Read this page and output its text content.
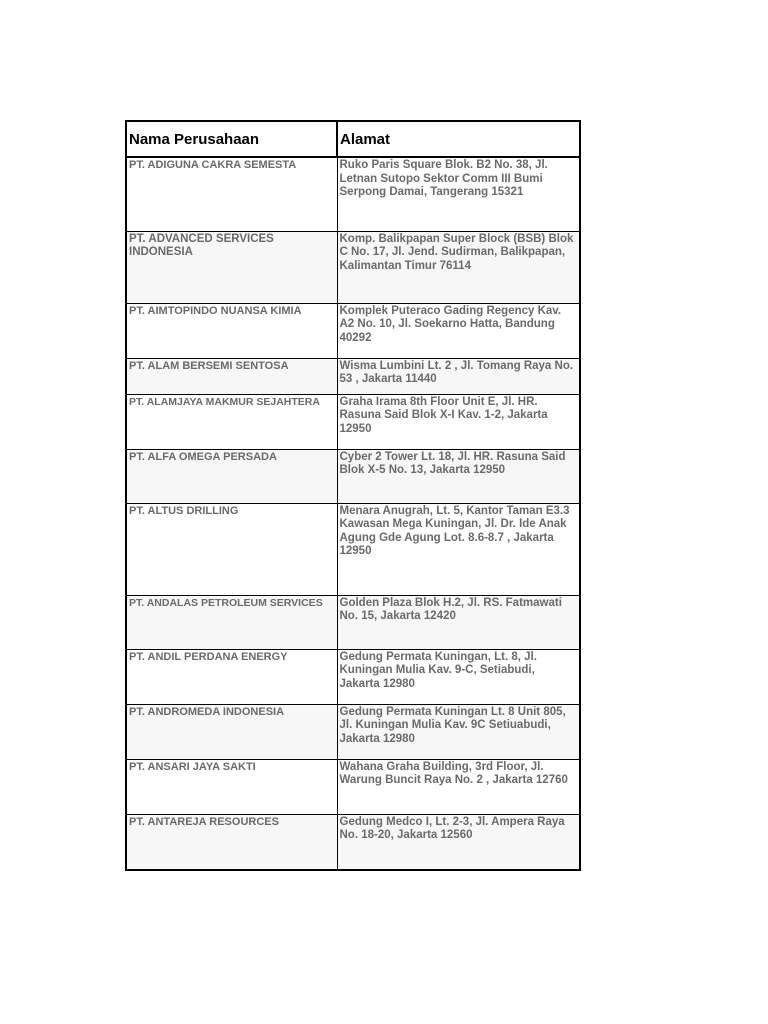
Nama Perusahaan	Alamat
PT. ADIGUNA CAKRA SEMESTA	Ruko Paris Square Blok. B2 No. 38, Jl. Letnan Sutopo Sektor Comm III Bumi Serpong Damai, Tangerang 15321
PT. ADVANCED SERVICES INDONESIA	Komp. Balikpapan Super Block (BSB) Blok C No. 17, Jl. Jend. Sudirman, Balikpapan, Kalimantan Timur 76114
PT. AIMTOPINDO NUANSA KIMIA	Komplek Puteraco Gading Regency Kav. A2 No. 10, Jl. Soekarno Hatta, Bandung 40292
PT. ALAM BERSEMI SENTOSA	Wisma Lumbini Lt. 2 , Jl. Tomang Raya No. 53 , Jakarta 11440
PT. ALAMJAYA MAKMUR SEJAHTERA	Graha Irama 8th Floor Unit E, Jl. HR. Rasuna Said Blok X-I Kav. 1-2, Jakarta 12950
PT. ALFA OMEGA PERSADA	Cyber 2 Tower Lt. 18, Jl. HR. Rasuna Said Blok X-5 No. 13, Jakarta 12950
PT. ALTUS DRILLING	Menara Anugrah, Lt. 5, Kantor Taman E3.3 Kawasan Mega Kuningan, Jl. Dr. Ide Anak Agung Gde Agung Lot. 8.6-8.7 , Jakarta 12950
PT. ANDALAS PETROLEUM SERVICES	Golden Plaza Blok H.2, Jl. RS. Fatmawati No. 15, Jakarta 12420
PT. ANDIL PERDANA ENERGY	Gedung Permata Kuningan, Lt. 8, Jl. Kuningan Mulia Kav. 9-C, Setiabudi, Jakarta 12980
PT. ANDROMEDA INDONESIA	Gedung Permata Kuningan Lt. 8 Unit 805, Jl. Kuningan Mulia Kav. 9C Setiuabudi, Jakarta 12980
PT. ANSARI JAYA SAKTI	Wahana Graha Building, 3rd Floor, Jl. Warung Buncit Raya No. 2 , Jakarta 12760
PT. ANTAREJA RESOURCES	Gedung Medco I, Lt. 2-3, Jl. Ampera Raya No. 18-20, Jakarta 12560
